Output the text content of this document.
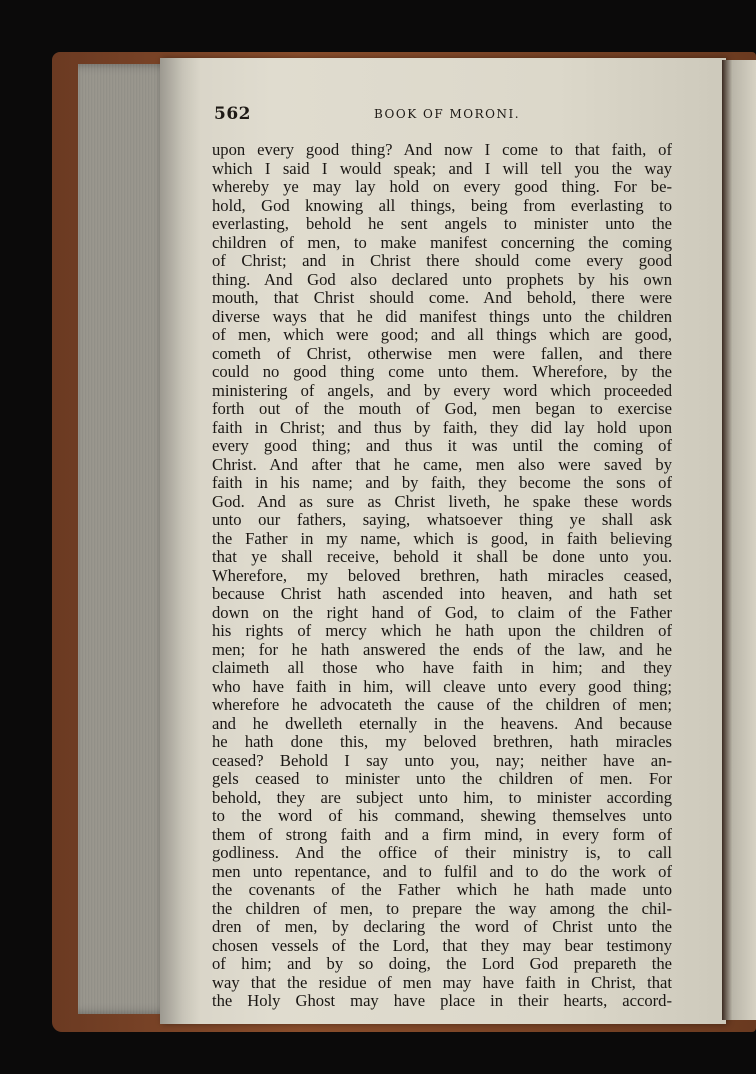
562	BOOK OF MORONI.
upon every good thing? And now I come to that faith, of
which I said I would speak; and I will tell you the way
whereby ye may lay hold on every good thing. For be-
hold, God knowing all things, being from everlasting to
everlasting, behold he sent angels to minister unto the
children of men, to make manifest concerning the coming
of Christ; and in Christ there should come every good
thing. And God also declared unto prophets by his own
mouth, that Christ should come. And behold, there were
diverse ways that he did manifest things unto the children
of men, which were good; and all things which are good,
cometh of Christ, otherwise men were fallen, and there
could no good thing come unto them. Wherefore, by the
ministering of angels, and by every word which proceeded
forth out of the mouth of God, men began to exercise
faith in Christ; and thus by faith, they did lay hold upon
every good thing; and thus it was until the coming of
Christ. And after that he came, men also were saved by
faith in his name; and by faith, they become the sons of
God. And as sure as Christ liveth, he spake these words
unto our fathers, saying, whatsoever thing ye shall ask
the Father in my name, which is good, in faith believing
that ye shall receive, behold it shall be done unto you.
Wherefore, my beloved brethren, hath miracles ceased,
because Christ hath ascended into heaven, and hath set
down on the right hand of God, to claim of the Father
his rights of mercy which he hath upon the children of
men; for he hath answered the ends of the law, and he
claimeth all those who have faith in him; and they
who have faith in him, will cleave unto every good thing;
wherefore he advocateth the cause of the children of men;
and he dwelleth eternally in the heavens. And because
he hath done this, my beloved brethren, hath miracles
ceased? Behold I say unto you, nay; neither have an-
gels ceased to minister unto the children of men. For
behold, they are subject unto him, to minister according
to the word of his command, shewing themselves unto
them of strong faith and a firm mind, in every form of
godliness. And the office of their ministry is, to call
men unto repentance, and to fulfil and to do the work of
the covenants of the Father which he hath made unto
the children of men, to prepare the way among the chil-
dren of men, by declaring the word of Christ unto the
chosen vessels of the Lord, that they may bear testimony
of him; and by so doing, the Lord God prepareth the
way that the residue of men may have faith in Christ, that
the Holy Ghost may have place in their hearts, accord-
